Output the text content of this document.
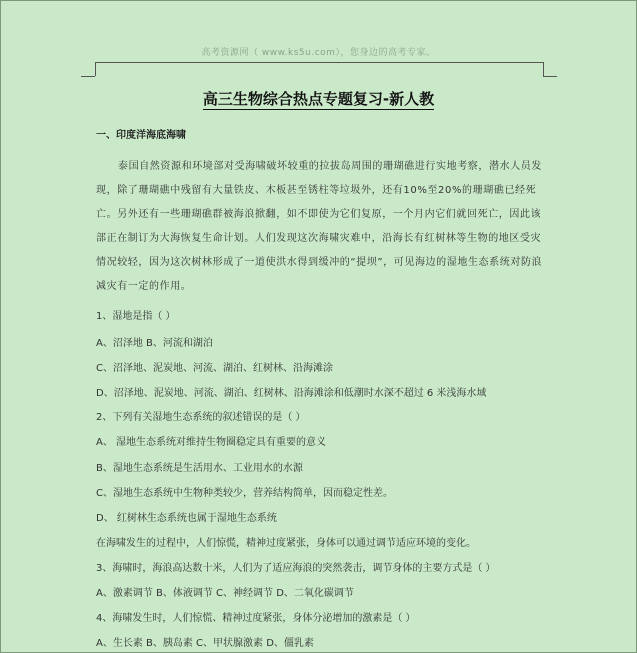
高考资源网（ www.ks5u.com），您身边的高考专家。
高三生物综合热点专题复习-新人教
一、印度洋海底海啸
泰国自然资源和环境部对受海啸破坏较重的拉拔岛周围的珊瑚礁进行实地考察，潜水人员发现，除了珊瑚礁中残留有大量铁皮、木板甚至锈柱等垃圾外，还有10%至20%的珊瑚礁已经死亡。另外还有一些珊瑚礁群被海浪掀翻，如不即使为它们复原，一个月内它们就回死亡，因此该部正在制订为大海恢复生命计划。人们发现这次海啸灾难中，沿海长有红树林等生物的地区受灾情况较轻，因为这次树林形成了一道使洪水得到缓冲的“提坝”，可见海边的湿地生态系统对防浪减灾有一定的作用。
1、湿地是指（ ）
A、沼泽地 B、河流和湖泊
C、沼泽地、泥炭地、河流、湖泊、红树林、沿海滩涂
D、沼泽地、泥炭地、河流、湖泊、红树林、沿海滩涂和低潮时水深不超过 6 米浅海水域
2、下列有关湿地生态系统的叙述错误的是（ ）
A、 湿地生态系统对维持生物圈稳定具有重要的意义
B、湿地生态系统是生活用水、工业用水的水源
C、湿地生态系统中生物种类较少，营养结构简单，因而稳定性差。
D、 红树林生态系统也属于湿地生态系统
在海啸发生的过程中，人们惊慌，精神过度紧张，身体可以通过调节适应环境的变化。
3、海啸时，海浪高达数十米，人们为了适应海浪的突然袭击，调节身体的主要方式是（ ）
A、激素调节 B、体液调节 C、神经调节 D、二氧化碳调节
4、海啸发生时，人们惊慌、精神过度紧张，身体分泌增加的激素是（ ）
A、生长素 B、胰岛素 C、甲状腺激素 D、僵乳素
